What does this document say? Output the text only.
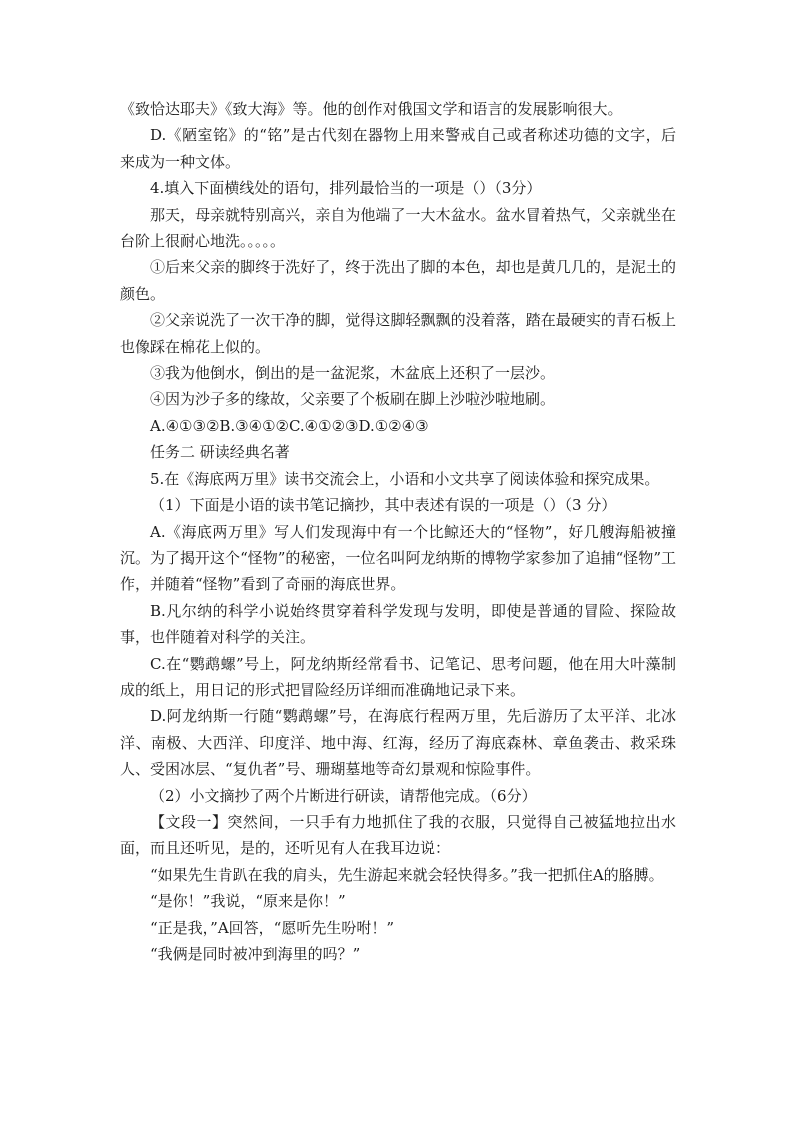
《致恰达耶夫》《致大海》等。他的创作对俄国文学和语言的发展影响很大。

D.《陋室铭》的“铭”是古代刻在器物上用来警戒自己或者称述功德的文字，后来成为一种文体。

4.填入下面横线处的语句，排列最恰当的一项是（）（3分）

那天，母亲就特别高兴，亲自为他端了一大木盆水。盆水冒着热气，父亲就坐在台阶上很耐心地洗。。。。。

①后来父亲的脚终于洗好了，终于洗出了脚的本色，却也是黄几几的，是泥土的颜色。

②父亲说洗了一次干净的脚，觉得这脚轻飘飘的没着落，踏在最硬实的青石板上也像踩在棉花上似的。

③我为他倒水，倒出的是一盆泥浆，木盆底上还积了一层沙。

④因为沙子多的缘故，父亲要了个板刷在脚上沙啦沙啦地刷。

A.④①③②B.③④①②C.④①②③D.①②④③

任务二 研读经典名著

5.在《海底两万里》读书交流会上，小语和小文共享了阅读体验和探究成果。

（1）下面是小语的读书笔记摘抄，其中表述有误的一项是（）（3 分）

A.《海底两万里》写人们发现海中有一个比鲸还大的“怪物”，好几艘海船被撞沉。为了揭开这个“怪物”的秘密，一位名叫阿龙纳斯的博物学家参加了追捕“怪物”工作，并随着“怪物”看到了奇丽的海底世界。

B.凡尔纳的科学小说始终贯穿着科学发现与发明，即使是普通的冒险、探险故事，也伴随着对科学的关注。

C.在“鹦鹉螺”号上，阿龙纳斯经常看书、记笔记、思考问题，他在用大叶藻制成的纸上，用日记的形式把冒险经历详细而准确地记录下来。

D.阿龙纳斯一行随“鹦鹉螺”号，在海底行程两万里，先后游历了太平洋、北冰洋、南极、大西洋、印度洋、地中海、红海，经历了海底森林、章鱼袭击、救采珠人、受困冰层、“复仇者”号、珊瑚墓地等奇幻景观和惊险事件。

（2）小文摘抄了两个片断进行研读，请帮他完成。（6分）

【文段一】突然间，一只手有力地抓住了我的衣服，只觉得自己被猛地拉出水面，而且还听见，是的，还听见有人在我耳边说：

“如果先生肯趴在我的肩头，先生游起来就会轻快得多。”我一把抓住A的胳膊。

“是你！”我说，“原来是你！”

“正是我，”A回答，“愿听先生吩咐！”

“我俩是同时被冲到海里的吗？”
